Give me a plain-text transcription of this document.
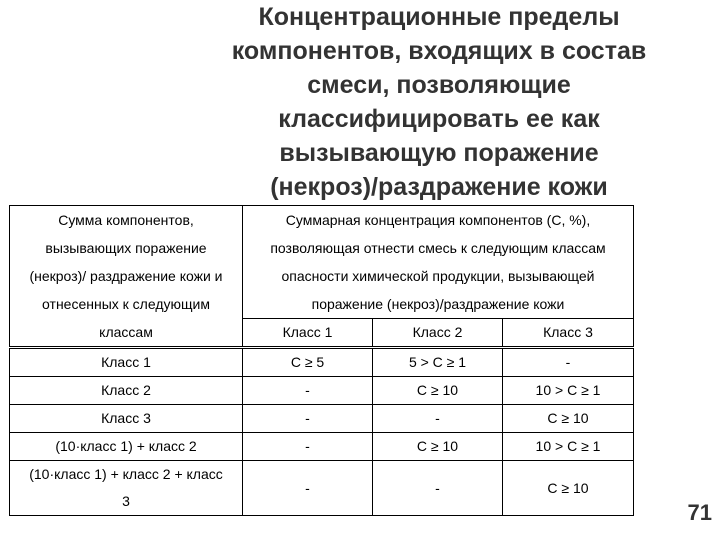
Концентрационные пределы
компонентов, входящих в состав
смеси, позволяющие
классифицировать ее как
вызывающую поражение
(некроз)/раздражение кожи
Сумма компонентов,
вызывающих поражение
(некроз)/ раздражение кожи и
отнесенных к следующим
классам	Суммарная концентрация компонентов (С, %),
позволяющая отнести смесь к следующим классам
опасности химической продукции, вызывающей
поражение (некроз)/раздражение кожи		

	Класс 1	Класс 2	Класс 3
Класс 1	С ≥ 5	5 > С ≥ 1	-
Класс 2	-	С ≥ 10	10 > С ≥ 1
Класс 3	-	-	С ≥ 10
(10·класс 1) + класс 2	-	С ≥ 10	10 > С ≥ 1

(10·класс 1) + класс 2 + класс
3	-	-	С ≥ 10
71
